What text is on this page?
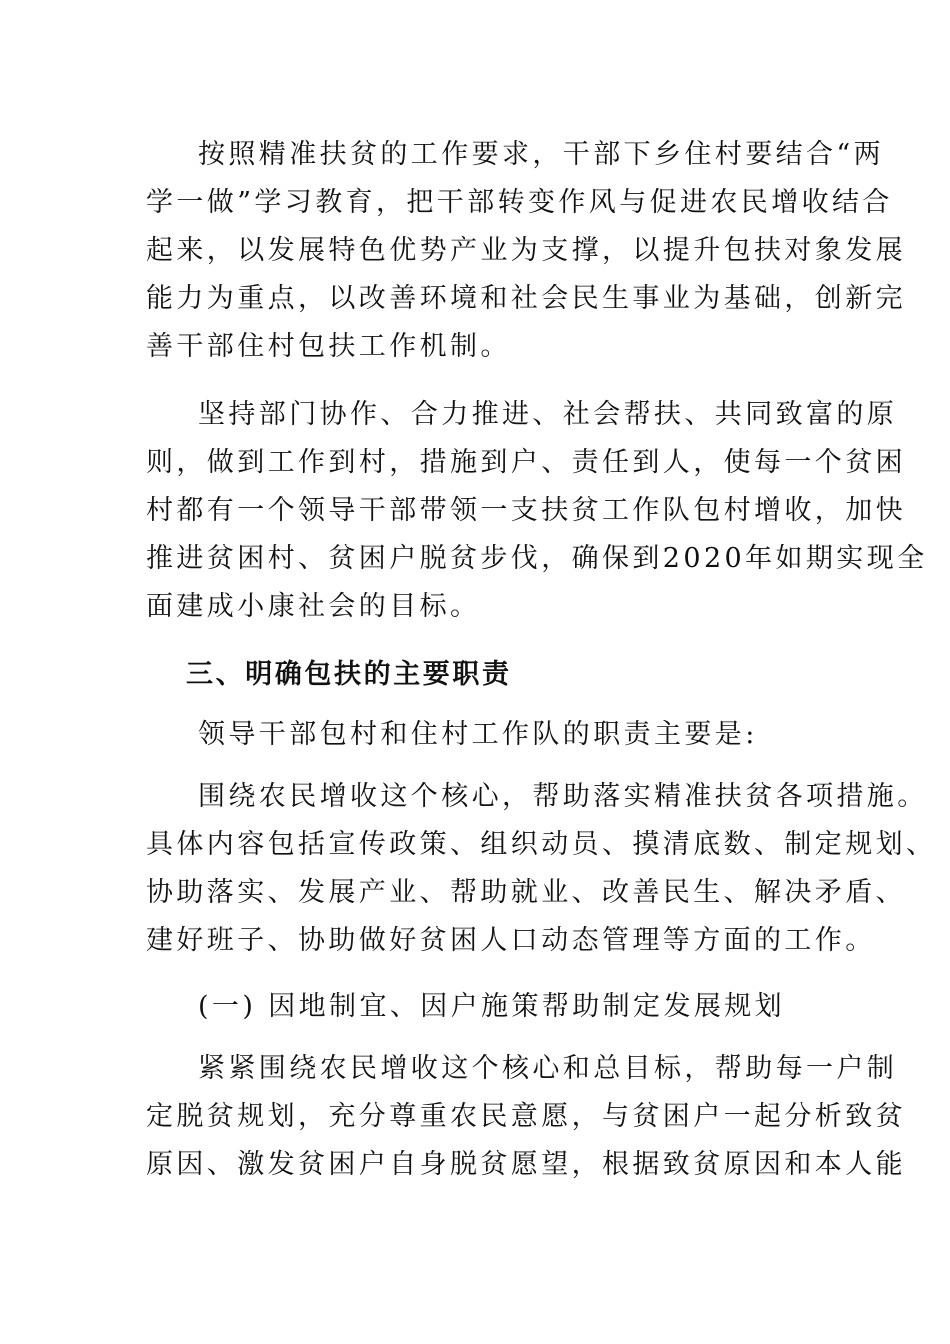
按照精准扶贫的工作要求，干部下乡住村要结合“两
学一做”学习教育，把干部转变作风与促进农民增收结合
起来，以发展特色优势产业为支撑，以提升包扶对象发展
能力为重点，以改善环境和社会民生事业为基础，创新完
善干部住村包扶工作机制。
坚持部门协作、合力推进、社会帮扶、共同致富的原
则，做到工作到村，措施到户、责任到人，使每一个贫困
村都有一个领导干部带领一支扶贫工作队包村增收，加快
推进贫困村、贫困户脱贫步伐，确保到2020年如期实现全
面建成小康社会的目标。
三、明确包扶的主要职责
领导干部包村和住村工作队的职责主要是:
围绕农民增收这个核心，帮助落实精准扶贫各项措施。
具体内容包括宣传政策、组织动员、摸清底数、制定规划、
协助落实、发展产业、帮助就业、改善民生、解决矛盾、
建好班子、协助做好贫困人口动态管理等方面的工作。
(一) 因地制宜、因户施策帮助制定发展规划
紧紧围绕农民增收这个核心和总目标，帮助每一户制
定脱贫规划，充分尊重农民意愿，与贫困户一起分析致贫
原因、激发贫困户自身脱贫愿望，根据致贫原因和本人能
